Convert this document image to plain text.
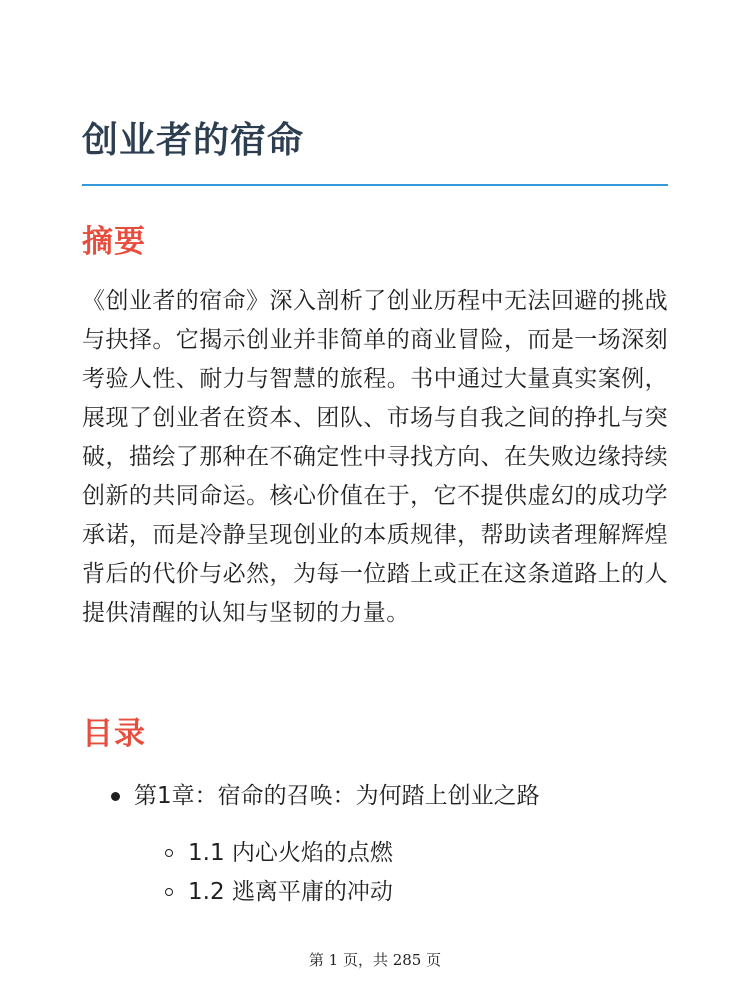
创业者的宿命
摘要

《创业者的宿命》深入剖析了创业历程中无法回避的挑战与抉择。它揭示创业并非简单的商业冒险，而是一场深刻考验人性、耐力与智慧的旅程。书中通过大量真实案例，展现了创业者在资本、团队、市场与自我之间的挣扎与突破，描绘了那种在不确定性中寻找方向、在失败边缘持续创新的共同命运。核心价值在于，它不提供虚幻的成功学承诺，而是冷静呈现创业的本质规律，帮助读者理解辉煌背后的代价与必然，为每一位踏上或正在这条道路上的人提供清醒的认知与坚韧的力量。

目录
第1章：宿命的召唤：为何踏上创业之路
1.1 内心火焰的点燃
1.2 逃离平庸的冲动
第 1 页，共 285 页
